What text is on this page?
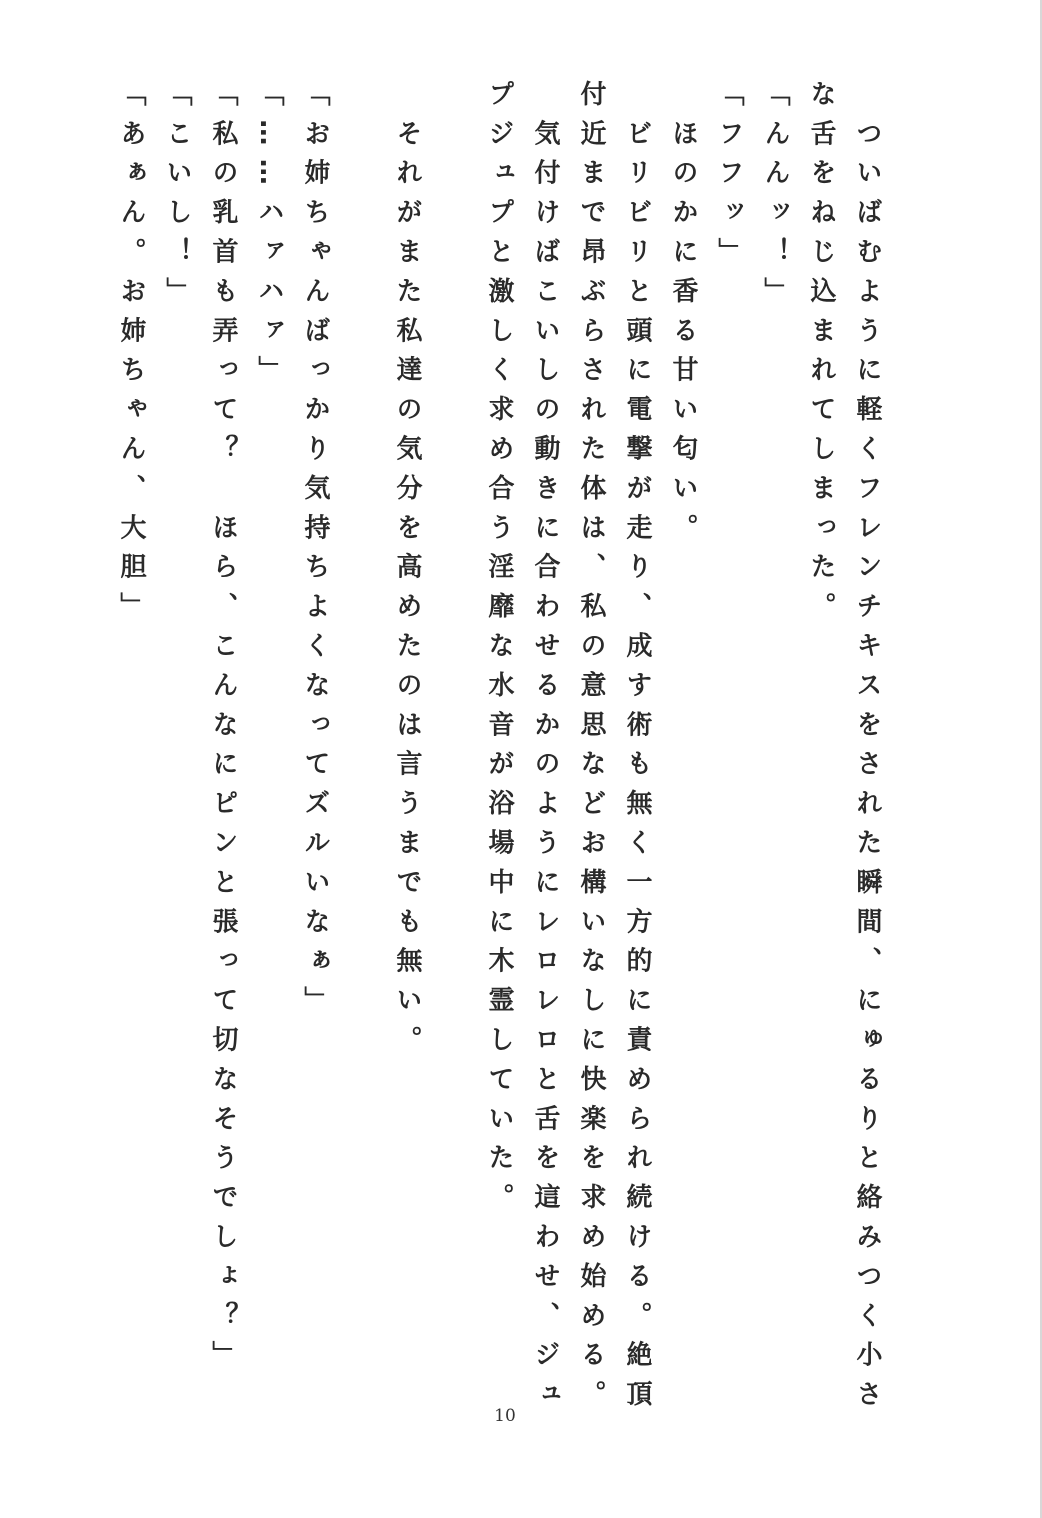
　ついばむように軽くフレンチキスをされた瞬間、にゅるりと絡みつく小さ
な舌をねじ込まれてしまった。
「んんッ！」
「フフッ」
　ほのかに香る甘い匂い。
　ビリビリと頭に電撃が走り、成す術も無く一方的に責められ続ける。絶頂
付近まで昂ぶらされた体は、私の意思などお構いなしに快楽を求め始める。
　気付けばこいしの動きに合わせるかのようにレロレロと舌を這わせ、ジュ
プジュプと激しく求め合う淫靡な水音が浴場中に木霊していた。

　それがまた私達の気分を高めたのは言うまでも無い。

「お姉ちゃんばっかり気持ちよくなってズルいなぁ」
「……ハァハァ」
「私の乳首も弄って？　ほら、こんなにピンと張って切なそうでしょ？」
「こいし！」
「あぁん。お姉ちゃん、大胆」
10
